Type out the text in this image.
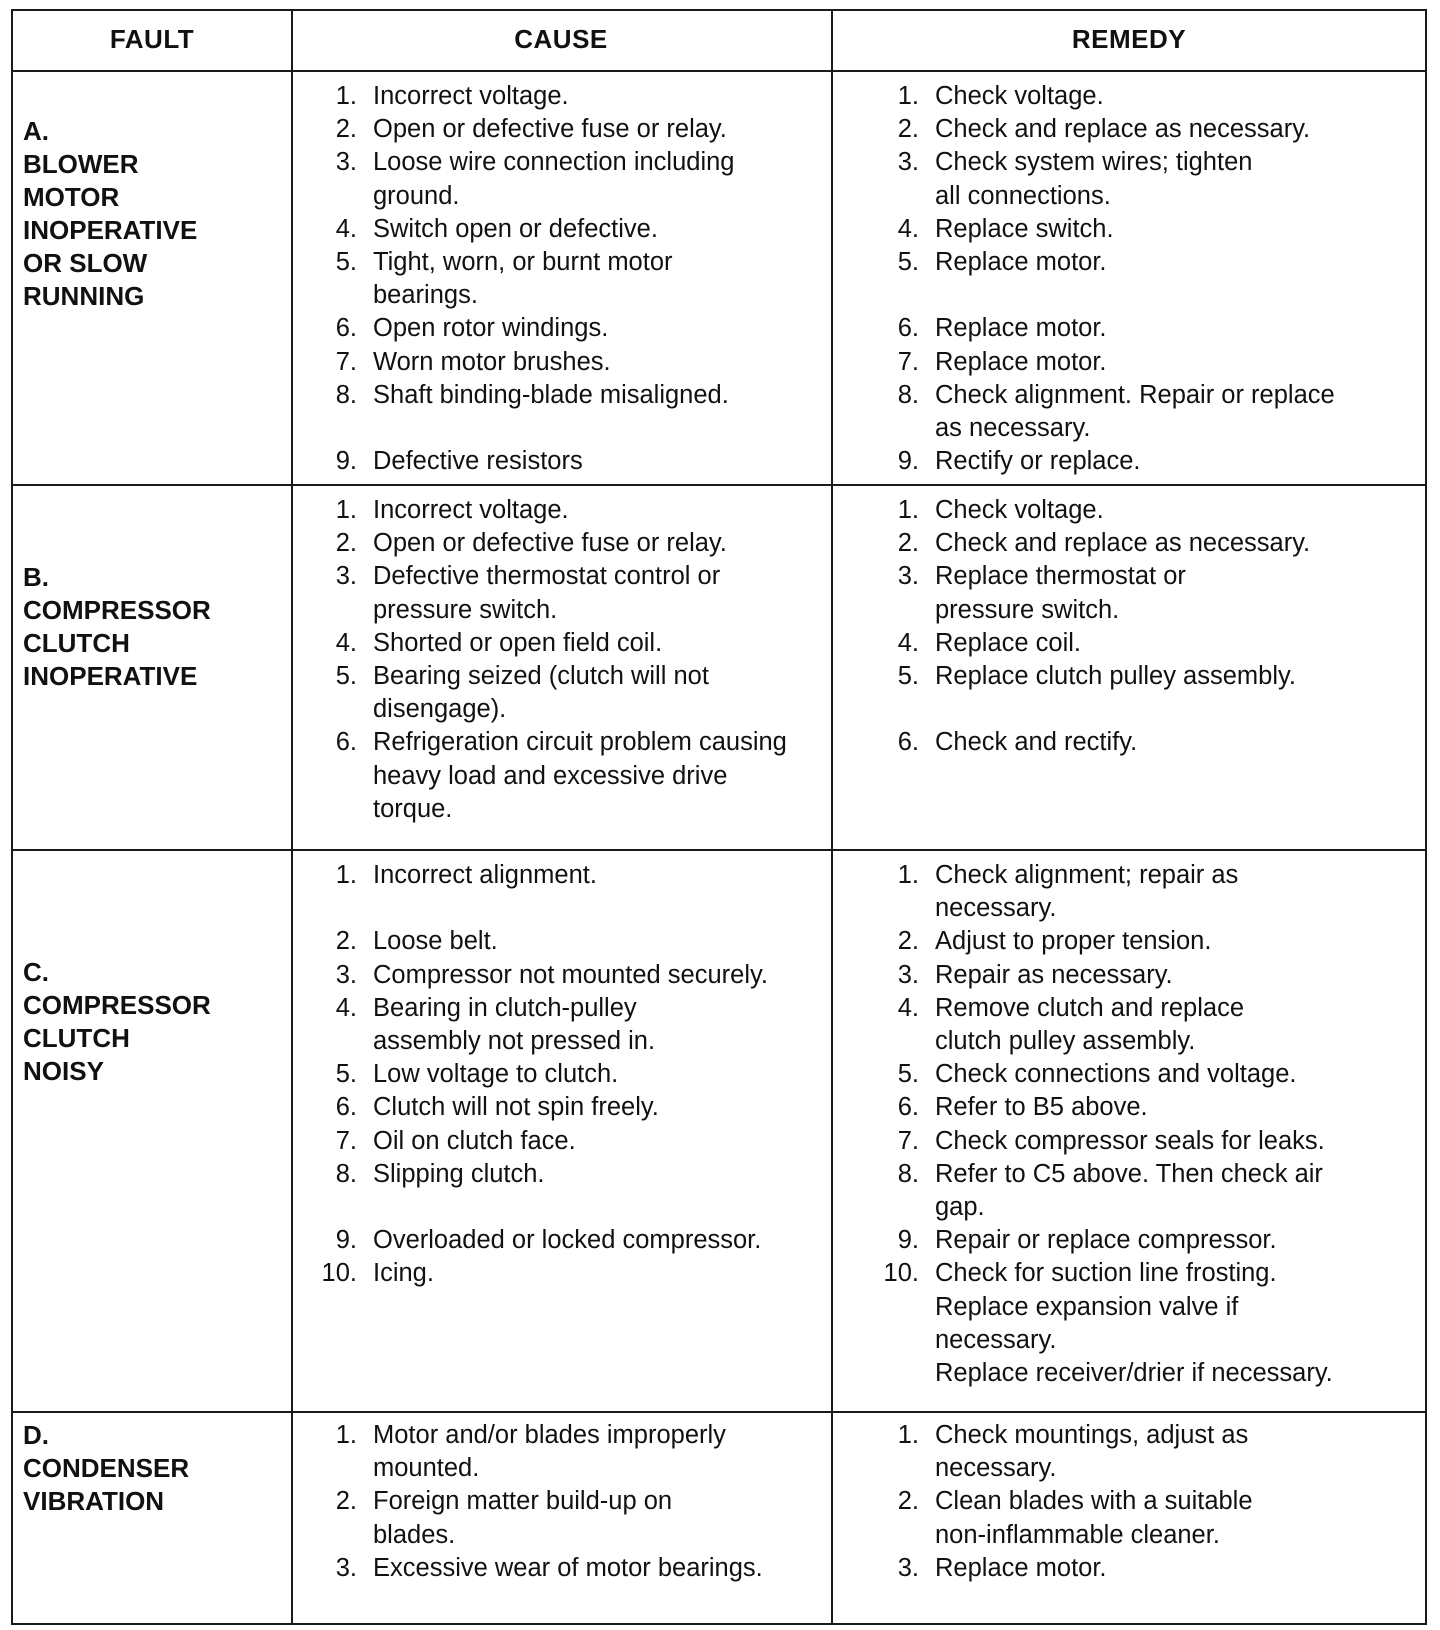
FAULT	CAUSE	REMEDY
A.
BLOWER
MOTOR
INOPERATIVE
OR SLOW
RUNNING
1. Incorrect voltage.
2. Open or defective fuse or relay.
3. Loose wire connection including
ground.
4. Switch open or defective.
5. Tight, worn, or burnt motor
bearings.
6. Open rotor windings.
7. Worn motor brushes.
8. Shaft binding-blade misaligned.
9. Defective resistors
1. Check voltage.
2. Check and replace as necessary.
3. Check system wires; tighten
all connections.
4. Replace switch.
5. Replace motor.
6. Replace motor.
7. Replace motor.
8. Check alignment. Repair or replace
as necessary.
9. Rectify or replace.
B.
COMPRESSOR
CLUTCH
INOPERATIVE
1. Incorrect voltage.
2. Open or defective fuse or relay.
3. Defective thermostat control or
pressure switch.
4. Shorted or open field coil.
5. Bearing seized (clutch will not
disengage).
6. Refrigeration circuit problem causing
heavy load and excessive drive
torque.
1. Check voltage.
2. Check and replace as necessary.
3. Replace thermostat or
pressure switch.
4. Replace coil.
5. Replace clutch pulley assembly.
6. Check and rectify.
C.
COMPRESSOR
CLUTCH
NOISY
1. Incorrect alignment.
2. Loose belt.
3. Compressor not mounted securely.
4. Bearing in clutch-pulley
assembly not pressed in.
5. Low voltage to clutch.
6. Clutch will not spin freely.
7. Oil on clutch face.
8. Slipping clutch.
9. Overloaded or locked compressor.
10. Icing.
1. Check alignment; repair as
necessary.
2. Adjust to proper tension.
3. Repair as necessary.
4. Remove clutch and replace
clutch pulley assembly.
5. Check connections and voltage.
6. Refer to B5 above.
7. Check compressor seals for leaks.
8. Refer to C5 above. Then check air
gap.
9. Repair or replace compressor.
10. Check for suction line frosting.
Replace expansion valve if
necessary.
Replace receiver/drier if necessary.
D.
CONDENSER
VIBRATION
1. Motor and/or blades improperly
mounted.
2. Foreign matter build-up on
blades.
3. Excessive wear of motor bearings.
1. Check mountings, adjust as
necessary.
2. Clean blades with a suitable
non-inflammable cleaner.
3. Replace motor.
